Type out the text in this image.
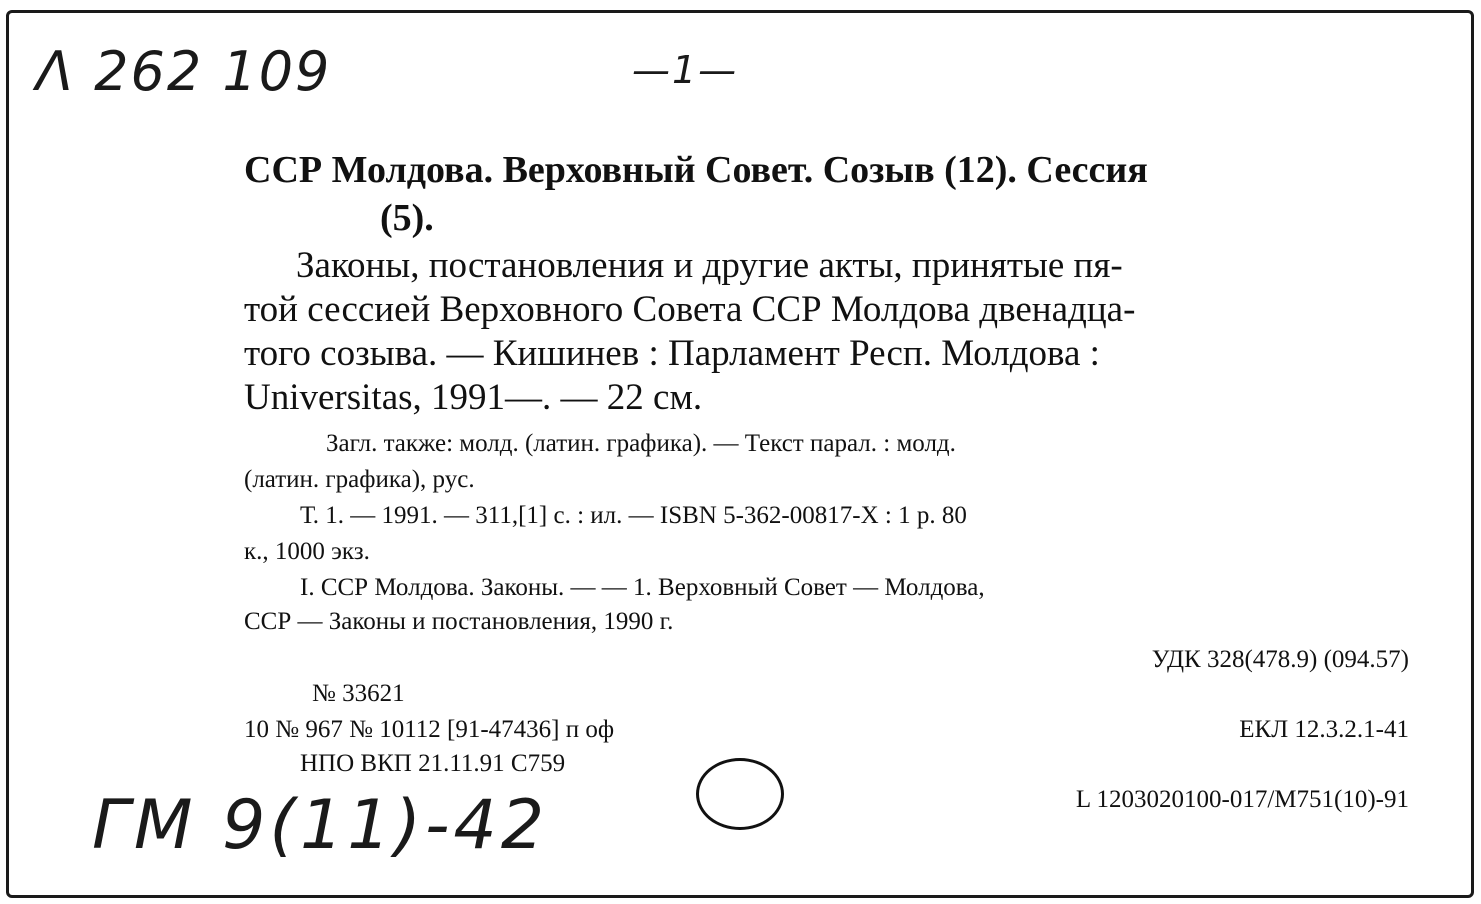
Λ 262 109	—1—
ССР Молдова. Верховный Совет. Созыв (12). Сессия
(5).
Законы, постановления и другие акты, принятые пя-
той сессией Верховного Совета ССР Молдова двенадца-
того созыва. — Кишинев : Парламент Респ. Молдова :
Universitas, 1991—. — 22 см.
Загл. также: молд. (латин. графика). — Текст парал. : молд.
(латин. графика), рус.
Т. 1. — 1991. — 311,[1] с. : ил. — ISBN 5-362-00817-X : 1 р. 80
к., 1000 экз.
I. ССР Молдова. Законы. — — 1. Верховный Совет — Молдова,
ССР — Законы и постановления, 1990 г.
УДК 328(478.9) (094.57)
№ 33621
10 № 967 № 10112 [91-47436] п оф	ЕКЛ 12.3.2.1-41
НПО ВКП 21.11.91 С759
L 1203020100-017/М751(10)-91
ГМ 9(11)-42
